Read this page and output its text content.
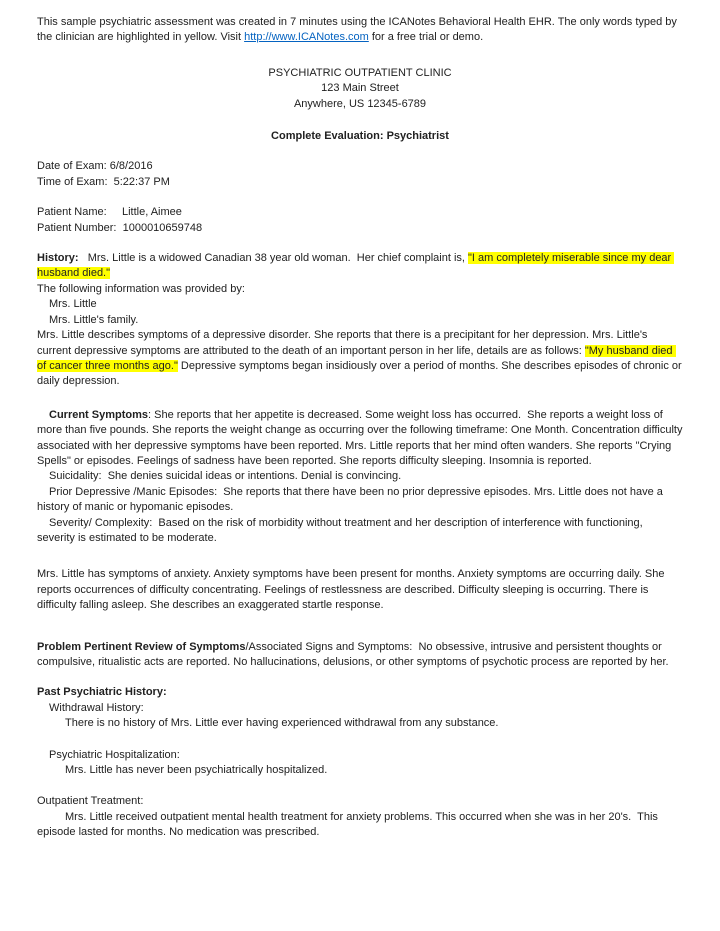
This sample psychiatric assessment was created in 7 minutes using the ICANotes Behavioral Health EHR. The only words typed by the clinician are highlighted in yellow. Visit http://www.ICANotes.com for a free trial or demo.

PSYCHIATRIC OUTPATIENT CLINIC
123 Main Street
Anywhere, US 12345-6789
Complete Evaluation: Psychiatrist
Date of Exam: 6/8/2016
Time of Exam:  5:22:37 PM
Patient Name:     Little, Aimee
Patient Number:  1000010659748

History:   Mrs. Little is a widowed Canadian 38 year old woman.  Her chief complaint is, "I am completely miserable since my dear husband died."

The following information was provided by:

Mrs. Little
Mrs. Little's family.

Mrs. Little describes symptoms of a depressive disorder. She reports that there is a precipitant for her depression. Mrs. Little's current depressive symptoms are attributed to the death of an important person in her life, details are as follows: "My husband died of cancer three months ago." Depressive symptoms began insidiously over a period of months. She describes episodes of chronic or daily depression.

Current Symptoms: She reports that her appetite is decreased. Some weight loss has occurred.  She reports a weight loss of more than five pounds. She reports the weight change as occurring over the following timeframe: One Month. Concentration difficulty associated with her depressive symptoms have been reported. Mrs. Little reports that her mind often wanders. She reports "Crying Spells" or episodes. Feelings of sadness have been reported. She reports difficulty sleeping. Insomnia is reported.

Suicidality:  She denies suicidal ideas or intentions. Denial is convincing.

Prior Depressive /Manic Episodes:  She reports that there have been no prior depressive episodes. Mrs. Little does not have a history of manic or hypomanic episodes.

Severity/ Complexity:  Based on the risk of morbidity without treatment and her description of interference with functioning, severity is estimated to be moderate.

Mrs. Little has symptoms of anxiety. Anxiety symptoms have been present for months. Anxiety symptoms are occurring daily. She reports occurrences of difficulty concentrating. Feelings of restlessness are described. Difficulty sleeping is occurring. There is difficulty falling asleep. She describes an exaggerated startle response.

Problem Pertinent Review of Symptoms/Associated Signs and Symptoms:  No obsessive, intrusive and persistent thoughts or compulsive, ritualistic acts are reported. No hallucinations, delusions, or other symptoms of psychotic process are reported by her.

Past Psychiatric History:
Withdrawal History:
There is no history of Mrs. Little ever having experienced withdrawal from any substance.
Psychiatric Hospitalization:
Mrs. Little has never been psychiatrically hospitalized.
Outpatient Treatment:

Mrs. Little received outpatient mental health treatment for anxiety problems. This occurred when she was in her 20's.  This episode lasted for months. No medication was prescribed.
